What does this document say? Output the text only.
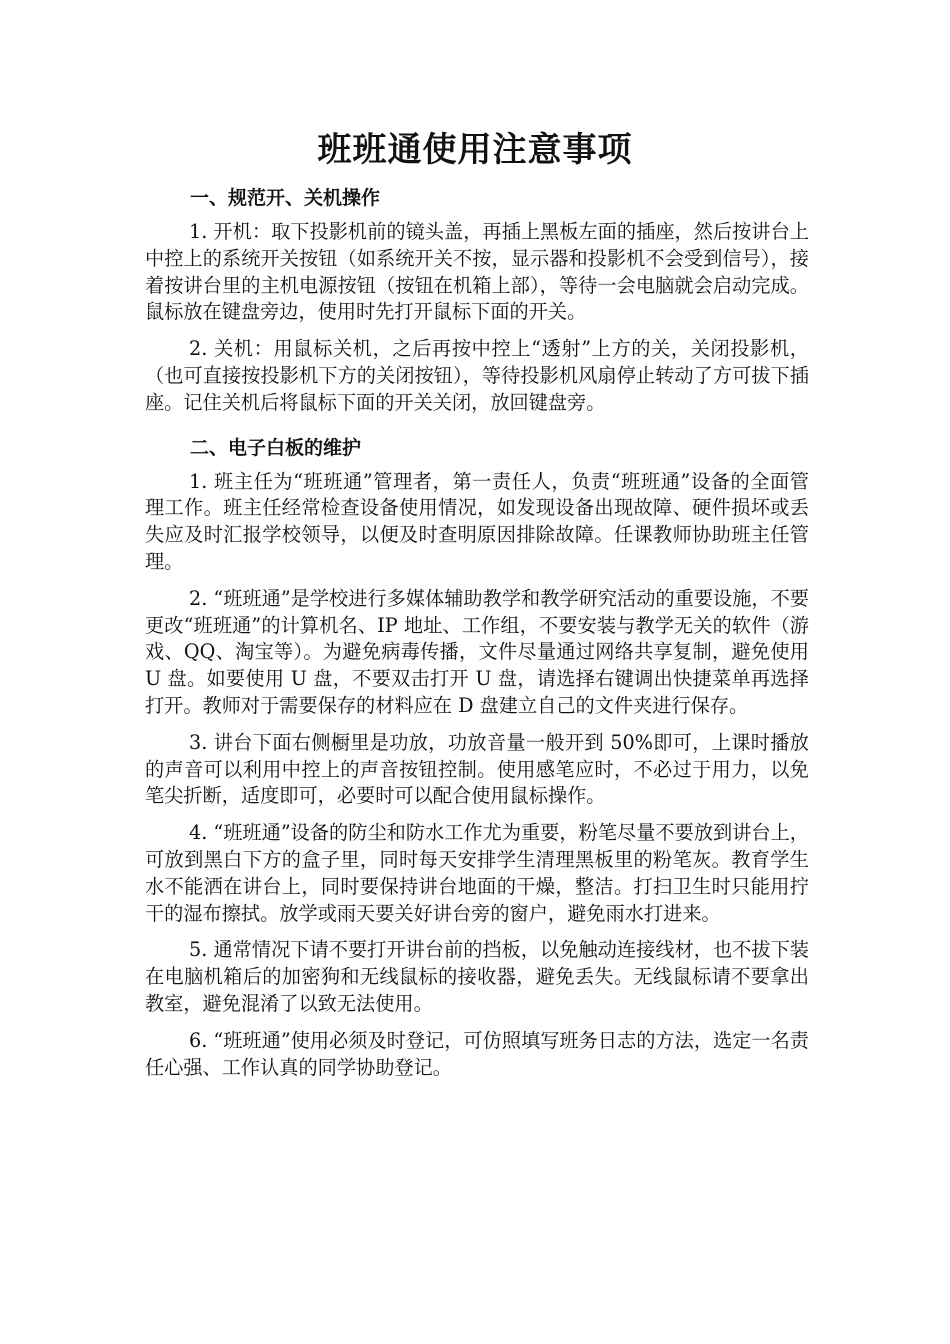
班班通使用注意事项
一、规范开、关机操作

1. 开机：取下投影机前的镜头盖，再插上黑板左面的插座，然后按讲台上中控上的系统开关按钮（如系统开关不按，显示器和投影机不会受到信号），接着按讲台里的主机电源按钮（按钮在机箱上部），等待一会电脑就会启动完成。鼠标放在键盘旁边，使用时先打开鼠标下面的开关。

2. 关机：用鼠标关机，之后再按中控上“透射”上方的关，关闭投影机，（也可直接按投影机下方的关闭按钮），等待投影机风扇停止转动了方可拔下插座。记住关机后将鼠标下面的开关关闭，放回键盘旁。

二、电子白板的维护

1. 班主任为“班班通”管理者，第一责任人，负责“班班通”设备的全面管理工作。班主任经常检查设备使用情况，如发现设备出现故障、硬件损坏或丢失应及时汇报学校领导，以便及时查明原因排除故障。任课教师协助班主任管理。

2. “班班通”是学校进行多媒体辅助教学和教学研究活动的重要设施，不要更改“班班通”的计算机名、IP 地址、工作组，不要安装与教学无关的软件（游戏、QQ、淘宝等）。为避免病毒传播，文件尽量通过网络共享复制，避免使用 U 盘。如要使用 U 盘，不要双击打开 U 盘，请选择右键调出快捷菜单再选择打开。教师对于需要保存的材料应在 D 盘建立自己的文件夹进行保存。

3. 讲台下面右侧橱里是功放，功放音量一般开到 50%即可，上课时播放的声音可以利用中控上的声音按钮控制。使用感笔应时，不必过于用力，以免笔尖折断，适度即可，必要时可以配合使用鼠标操作。

4. “班班通”设备的防尘和防水工作尤为重要，粉笔尽量不要放到讲台上，可放到黑白下方的盒子里，同时每天安排学生清理黑板里的粉笔灰。教育学生水不能洒在讲台上，同时要保持讲台地面的干燥，整洁。打扫卫生时只能用拧干的湿布擦拭。放学或雨天要关好讲台旁的窗户，避免雨水打进来。

5. 通常情况下请不要打开讲台前的挡板，以免触动连接线材，也不拔下装在电脑机箱后的加密狗和无线鼠标的接收器，避免丢失。无线鼠标请不要拿出教室，避免混淆了以致无法使用。

6. “班班通”使用必须及时登记，可仿照填写班务日志的方法，选定一名责任心强、工作认真的同学协助登记。
